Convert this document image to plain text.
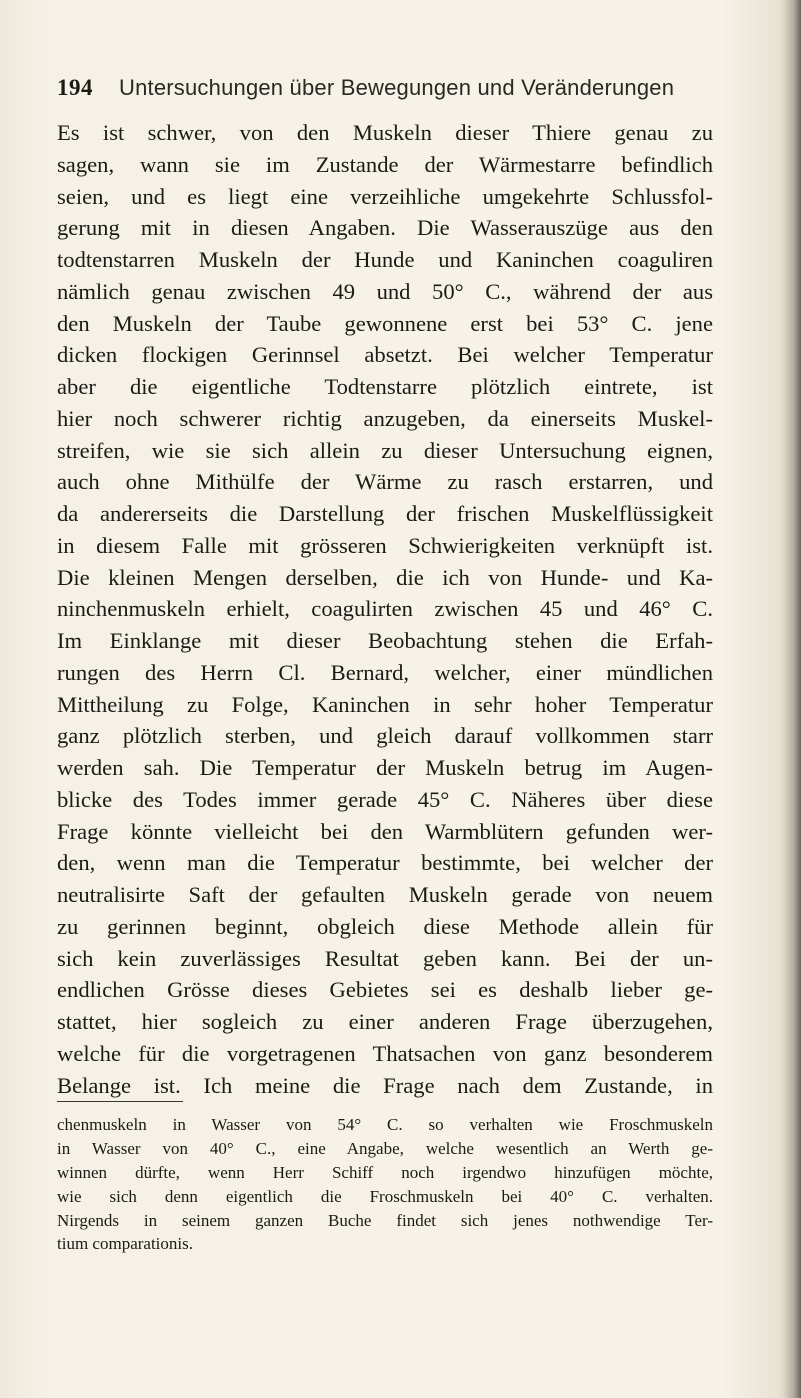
194 Untersuchungen über Bewegungen und Veränderungen
Es ist schwer, von den Muskeln dieser Thiere genau zu
sagen, wann sie im Zustande der Wärmestarre befindlich
seien, und es liegt eine verzeihliche umgekehrte Schlussfol-
gerung mit in diesen Angaben. Die Wasserauszüge aus den
todtenstarren Muskeln der Hunde und Kaninchen coaguliren
nämlich genau zwischen 49 und 50° C., während der aus
den Muskeln der Taube gewonnene erst bei 53° C. jene
dicken flockigen Gerinnsel absetzt. Bei welcher Temperatur
aber die eigentliche Todtenstarre plötzlich eintrete, ist
hier noch schwerer richtig anzugeben, da einerseits Muskel-
streifen, wie sie sich allein zu dieser Untersuchung eignen,
auch ohne Mithülfe der Wärme zu rasch erstarren, und
da andererseits die Darstellung der frischen Muskelflüssigkeit
in diesem Falle mit grösseren Schwierigkeiten verknüpft ist.
Die kleinen Mengen derselben, die ich von Hunde- und Ka-
ninchenmuskeln erhielt, coagulirten zwischen 45 und 46° C.
Im Einklange mit dieser Beobachtung stehen die Erfah-
rungen des Herrn Cl. Bernard, welcher, einer mündlichen
Mittheilung zu Folge, Kaninchen in sehr hoher Temperatur
ganz plötzlich sterben, und gleich darauf vollkommen starr
werden sah. Die Temperatur der Muskeln betrug im Augen-
blicke des Todes immer gerade 45° C. Näheres über diese
Frage könnte vielleicht bei den Warmblütern gefunden wer-
den, wenn man die Temperatur bestimmte, bei welcher der
neutralisirte Saft der gefaulten Muskeln gerade von neuem
zu gerinnen beginnt, obgleich diese Methode allein für
sich kein zuverlässiges Resultat geben kann. Bei der un-
endlichen Grösse dieses Gebietes sei es deshalb lieber ge-
stattet, hier sogleich zu einer anderen Frage überzugehen,
welche für die vorgetragenen Thatsachen von ganz besonderem
Belange ist. Ich meine die Frage nach dem Zustande, in
chenmuskeln in Wasser von 54° C. so verhalten wie Froschmuskeln
in Wasser von 40° C., eine Angabe, welche wesentlich an Werth ge-
winnen dürfte, wenn Herr Schiff noch irgendwo hinzufügen möchte,
wie sich denn eigentlich die Froschmuskeln bei 40° C. verhalten.
Nirgends in seinem ganzen Buche findet sich jenes nothwendige Ter-
tium comparationis.
